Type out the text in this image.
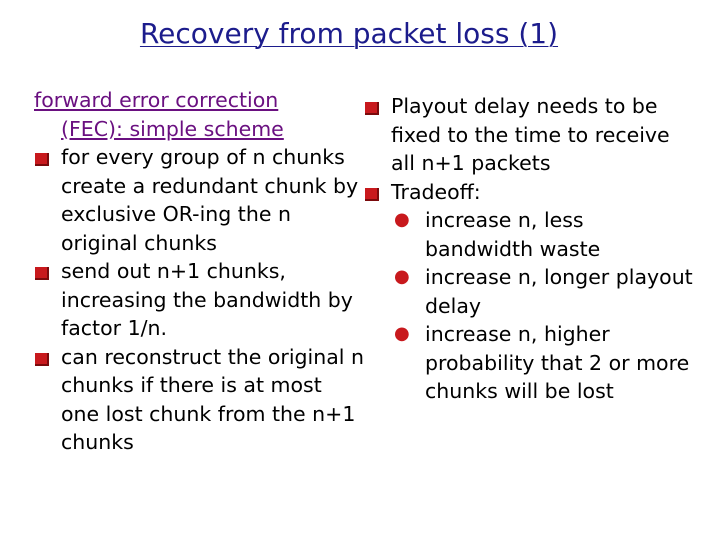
Recovery from packet loss (1)
forward error correction
(FEC): simple scheme
for every group of n chunks create a redundant chunk by exclusive OR-ing the n original chunks
send out n+1 chunks, increasing the bandwidth by factor 1/n.
can reconstruct the original n chunks if there is at most one lost chunk from the n+1 chunks
Playout delay needs to be fixed to the time to receive all n+1 packets
Tradeoff:
● increase n, less bandwidth waste
● increase n, longer playout delay
● increase n, higher probability that 2 or more chunks will be lost
